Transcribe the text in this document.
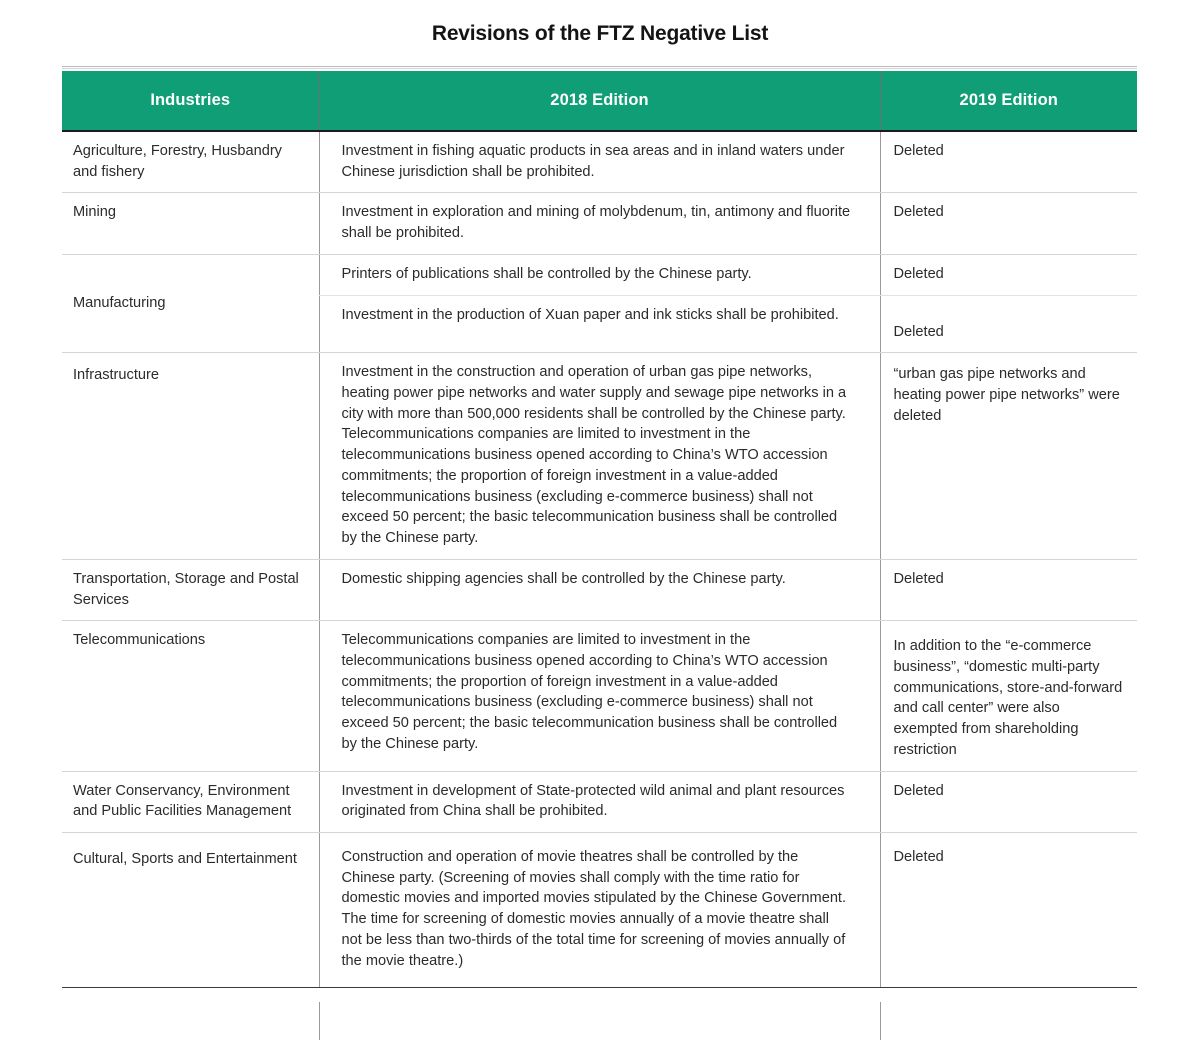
Revisions of the FTZ Negative List
Industries	2018 Edition	2019 Edition
Agriculture, Forestry, Husbandry and fishery	Investment in fishing aquatic products in sea areas and in inland waters under Chinese jurisdiction shall be prohibited.	Deleted
Mining	Investment in exploration and mining of molybdenum, tin, antimony and fluorite shall be prohibited.	Deleted
Manufacturing	Printers of publications shall be controlled by the Chinese party.	Deleted
	Investment in the production of Xuan paper and ink sticks shall be prohibited.	Deleted
Infrastructure	Investment in the construction and operation of urban gas pipe networks, heating power pipe networks and water supply and sewage pipe networks in a city with more than 500,000 residents shall be controlled by the Chinese party. Telecommunications companies are limited to investment in the telecommunications business opened according to China’s WTO accession commitments; the proportion of foreign investment in a value-added telecommunications business (excluding e-commerce business) shall not exceed 50 percent; the basic telecommunication business shall be controlled by the Chinese party.	“urban gas pipe networks and heating power pipe networks” were deleted
Transportation, Storage and Postal Services	Domestic shipping agencies shall be controlled by the Chinese party.	Deleted
Telecommunications	Telecommunications companies are limited to investment in the telecommunications business opened according to China’s WTO accession commitments; the proportion of foreign investment in a value-added telecommunications business (excluding e-commerce business) shall not exceed 50 percent; the basic telecommunication business shall be controlled by the Chinese party.	In addition to the “e-commerce business”, “domestic multi-party communications, store-and-forward and call center” were also exempted from shareholding restriction
Water Conservancy, Environment and Public Facilities Management	Investment in development of State-protected wild animal and plant resources originated from China shall be prohibited.	Deleted
Cultural, Sports and Entertainment	Construction and operation of movie theatres shall be controlled by the Chinese party. (Screening of movies shall comply with the time ratio for domestic movies and imported movies stipulated by the Chinese Government. The time for screening of domestic movies annually of a movie theatre shall not be less than two-thirds of the total time for screening of movies annually of the movie theatre.)	Deleted
